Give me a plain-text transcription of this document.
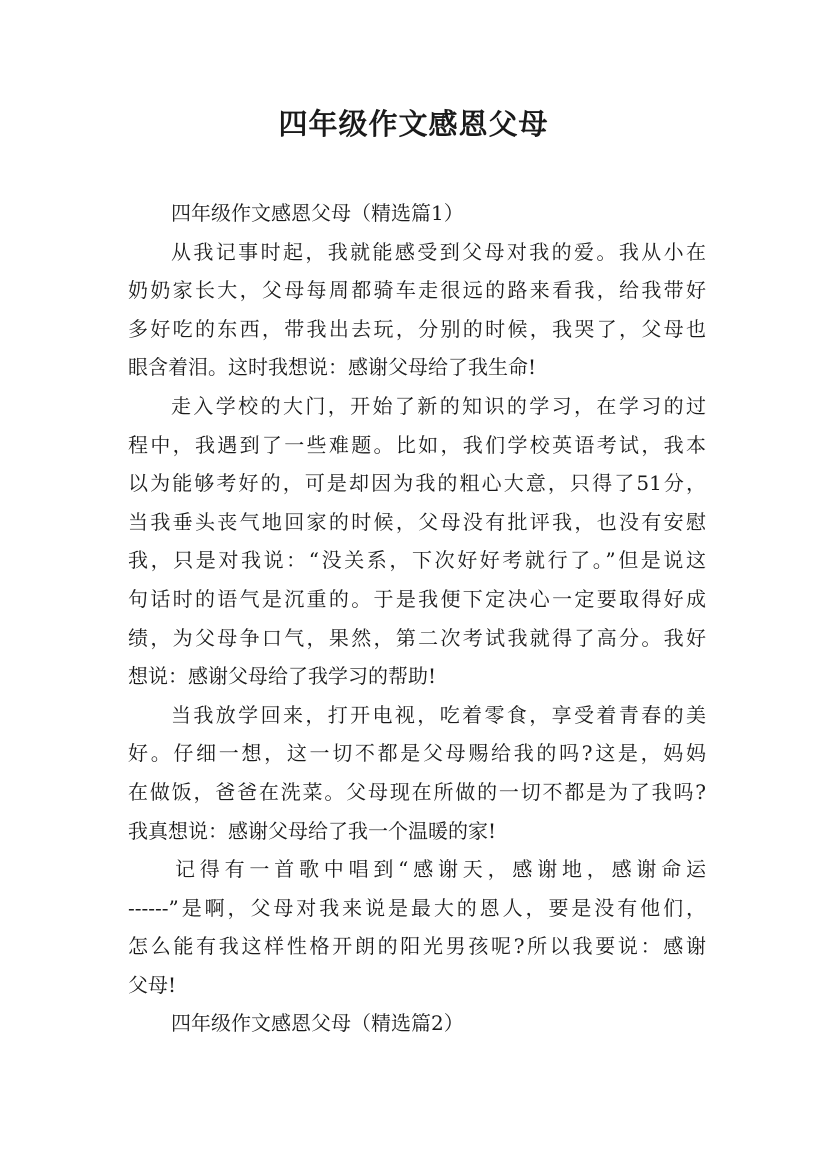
四年级作文感恩父母
四年级作文感恩父母（精选篇1）
从我记事时起，我就能感受到父母对我的爱。我从小在
奶奶家长大，父母每周都骑车走很远的路来看我，给我带好
多好吃的东西，带我出去玩，分别的时候，我哭了，父母也
眼含着泪。这时我想说：感谢父母给了我生命!
走入学校的大门，开始了新的知识的学习，在学习的过
程中，我遇到了一些难题。比如，我们学校英语考试，我本
以为能够考好的，可是却因为我的粗心大意，只得了51分，
当我垂头丧气地回家的时候，父母没有批评我，也没有安慰
我，只是对我说：“没关系，下次好好考就行了。”但是说这
句话时的语气是沉重的。于是我便下定决心一定要取得好成
绩，为父母争口气，果然，第二次考试我就得了高分。我好
想说：感谢父母给了我学习的帮助!
当我放学回来，打开电视，吃着零食，享受着青春的美
好。仔细一想，这一切不都是父母赐给我的吗?这是，妈妈
在做饭，爸爸在洗菜。父母现在所做的一切不都是为了我吗?
我真想说：感谢父母给了我一个温暖的家!
记得有一首歌中唱到“感谢天，感谢地，感谢命运
------”是啊，父母对我来说是最大的恩人，要是没有他们，
怎么能有我这样性格开朗的阳光男孩呢?所以我要说：感谢
父母!
四年级作文感恩父母（精选篇2）
